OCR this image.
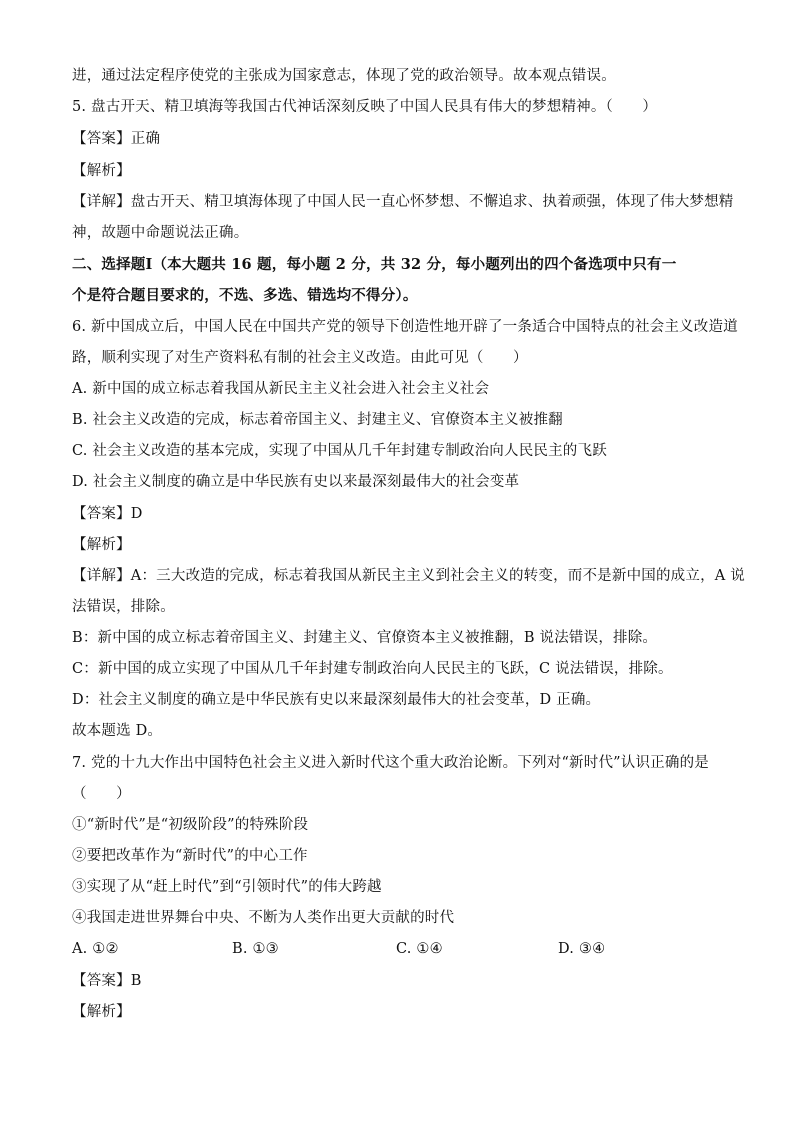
进，通过法定程序使党的主张成为国家意志，体现了党的政治领导。故本观点错误。
5. 盘古开天、精卫填海等我国古代神话深刻反映了中国人民具有伟大的梦想精神。（　　）
【答案】正确
【解析】
【详解】盘古开天、精卫填海体现了中国人民一直心怀梦想、不懈追求、执着顽强，体现了伟大梦想精
神，故题中命题说法正确。
二、选择题Ⅰ（本大题共 16 题，每小题 2 分，共 32 分，每小题列出的四个备选项中只有一
个是符合题目要求的，不选、多选、错选均不得分）。
6. 新中国成立后，中国人民在中国共产党的领导下创造性地开辟了一条适合中国特点的社会主义改造道
路，顺利实现了对生产资料私有制的社会主义改造。由此可见（　　）
A. 新中国的成立标志着我国从新民主主义社会进入社会主义社会
B. 社会主义改造的完成，标志着帝国主义、封建主义、官僚资本主义被推翻
C. 社会主义改造的基本完成，实现了中国从几千年封建专制政治向人民民主的飞跃
D. 社会主义制度的确立是中华民族有史以来最深刻最伟大的社会变革
【答案】D
【解析】
【详解】A：三大改造的完成，标志着我国从新民主主义到社会主义的转变，而不是新中国的成立，A 说
法错误，排除。
B：新中国的成立标志着帝国主义、封建主义、官僚资本主义被推翻，B 说法错误，排除。
C：新中国的成立实现了中国从几千年封建专制政治向人民民主的飞跃，C 说法错误，排除。
D：社会主义制度的确立是中华民族有史以来最深刻最伟大的社会变革，D 正确。
故本题选 D。
7. 党的十九大作出中国特色社会主义进入新时代这个重大政治论断。下列对“新时代”认识正确的是
（　　）
①“新时代”是“初级阶段”的特殊阶段
②要把改革作为“新时代”的中心工作
③实现了从“赶上时代”到“引领时代”的伟大跨越
④我国走进世界舞台中央、不断为人类作出更大贡献的时代
A. ①②	B. ①③	C. ①④	D. ③④
【答案】B
【解析】
